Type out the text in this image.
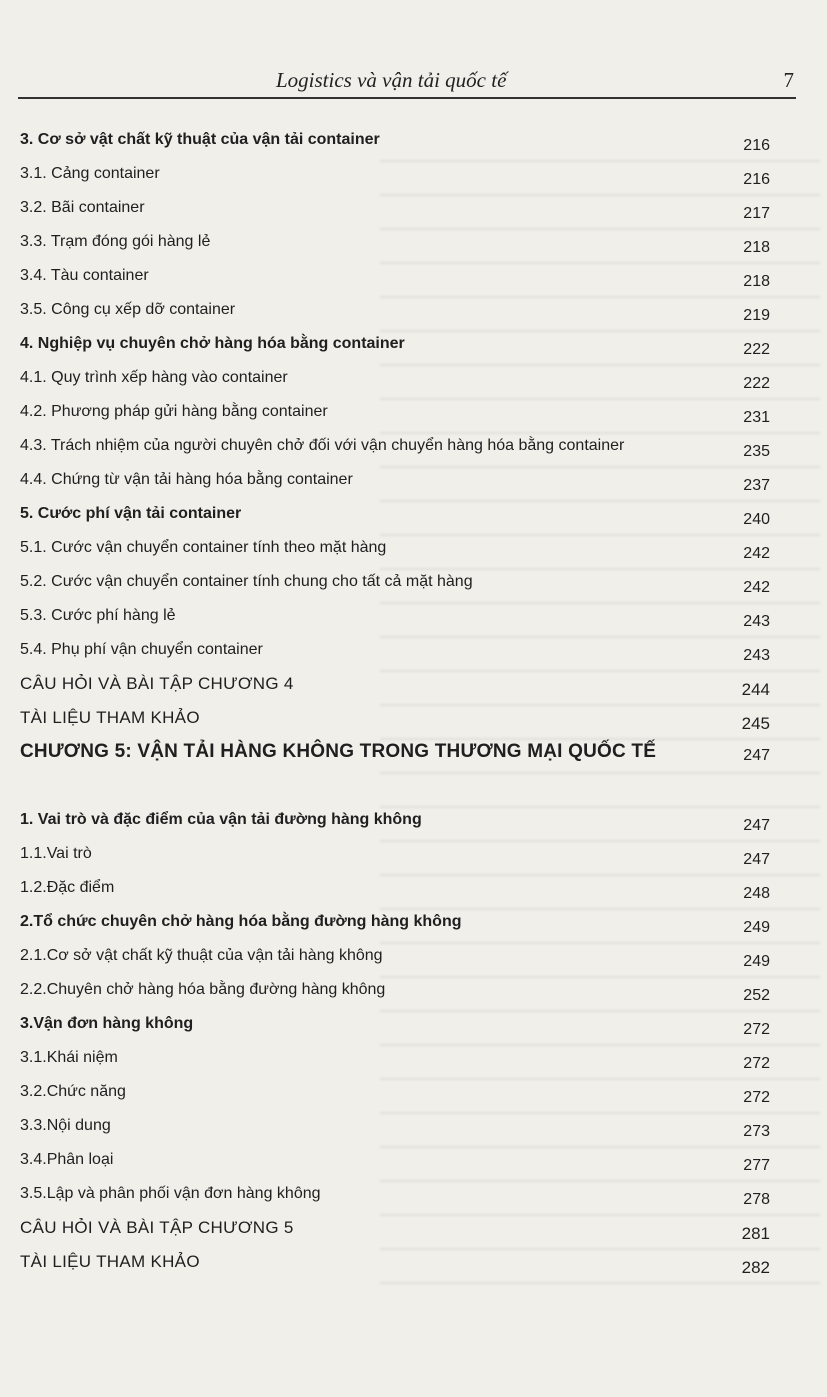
Logistics và vận tải quốc tế	7
3. Cơ sở vật chất kỹ thuật của vận tải container	216
3.1. Cảng container	216
3.2. Bãi container	217
3.3. Trạm đóng gói hàng lẻ	218
3.4. Tàu container	218
3.5. Công cụ xếp dỡ container	219
4. Nghiệp vụ chuyên chở hàng hóa bằng container	222
4.1. Quy trình xếp hàng vào container	222
4.2. Phương pháp gửi hàng bằng container	231
4.3. Trách nhiệm của người chuyên chở đối với vận chuyển hàng hóa bằng container	235
4.4. Chứng từ vận tải hàng hóa bằng container	237
5. Cước phí vận tải container	240
5.1. Cước vận chuyển container tính theo mặt hàng	242
5.2. Cước vận chuyển container tính chung cho tất cả mặt hàng	242
5.3. Cước phí hàng lẻ	243
5.4. Phụ phí vận chuyển container	243
CÂU HỎI VÀ BÀI TẬP CHƯƠNG 4	244
TÀI LIỆU THAM KHẢO	245
CHƯƠNG 5: VẬN TẢI HÀNG KHÔNG TRONG THƯƠNG MẠI QUỐC TẾ	247
1. Vai trò và đặc điểm của vận tải đường hàng không	247
1.1.Vai trò	247
1.2.Đặc điểm	248
2.Tổ chức chuyên chở hàng hóa bằng đường hàng không	249
2.1.Cơ sở vật chất kỹ thuật của vận tải hàng không	249
2.2.Chuyên chở hàng hóa bằng đường hàng không	252
3.Vận đơn hàng không	272
3.1.Khái niệm	272
3.2.Chức năng	272
3.3.Nội dung	273
3.4.Phân loại	277
3.5.Lập và phân phối vận đơn hàng không	278
CÂU HỎI VÀ BÀI TẬP CHƯƠNG 5	281
TÀI LIỆU THAM KHẢO	282
